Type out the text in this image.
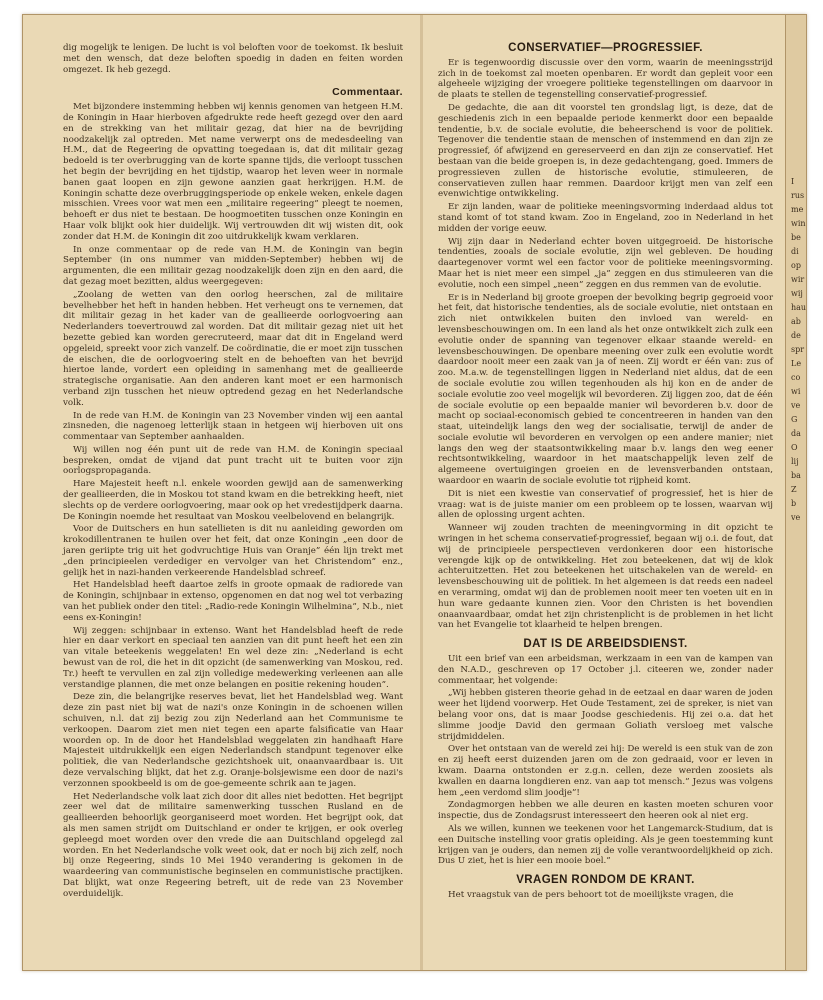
dig mogelijk te lenigen. De lucht is vol beloften voor de toekomst. Ik besluit met den wensch, dat deze beloften spoedig in daden en feiten worden omgezet. Ik heb gezegd.

Commentaar.

Met bijzondere instemming hebben wij kennis genomen van hetgeen H.M. de Koningin in Haar hierboven afgedrukte rede heeft gezegd over den aard en de strekking van het militair gezag, dat hier na de bevrijding noodzakelijk zal optreden. Met name verwerpt ons de medesdeeling van H.M., dat de Regeering de opvatting toegedaan is, dat dit militair gezag bedoeld is ter overbrugging van de korte spanne tijds, die verloopt tusschen het begin der bevrijding en het tijdstip, waarop het leven weer in normale banen gaat loopen en zijn gewone aanzien gaat herkrijgen. H.M. de Koningin schatte deze overbruggingsperiode op enkele weken, enkele dagen misschien. Vrees voor wat men een „militaire regeering” pleegt te noemen, behoeft er dus niet te bestaan. De hoogmoetiten tusschen onze Koningin en Haar volk blijkt ook hier duidelijk. Wij vertrouwden dit wij wisten dit, ook zonder dat H.M. de Koningin dit zoo uitdrukkelijk kwam verklaren.

In onze commentaar op de rede van H.M. de Koningin van begin September (in ons nummer van midden-September) hebben wij de argumenten, die een militair gezag noodzakelijk doen zijn en den aard, die dat gezag moet bezitten, aldus weergegeven:

„Zoolang de wetten van den oorlog heerschen, zal de militaire bevelhebber het heft in handen hebben. Het verheugt ons te vernemen, dat dit militair gezag in het kader van de geallieerde oorlogvoering aan Nederlanders toevertrouwd zal worden. Dat dit militair gezag niet uit het bezette gebied kan worden gerecruteerd, maar dat dit in Engeland werd opgeleid, spreekt voor zich vanzelf. De coördinatie, die er moet zijn tusschen de eischen, die de oorlogvoering stelt en de behoeften van het bevrijd hiertoe lande, vordert een opleiding in samenhang met de geallieerde strategische organisatie. Aan den anderen kant moet er een harmonisch verband zijn tusschen het nieuw optredend gezag en het Nederlandsche volk.

In de rede van H.M. de Koningin van 23 November vinden wij een aantal zinsneden, die nagenoeg letterlijk staan in hetgeen wij hierboven uit ons commentaar van September aanhaalden.

Wij willen nog één punt uit de rede van H.M. de Koningin speciaal bespreken, omdat de vijand dat punt tracht uit te buiten voor zijn oorlogspropaganda.

Hare Majesteit heeft n.l. enkele woorden gewijd aan de samenwerking der geallieerden, die in Moskou tot stand kwam en die betrekking heeft, niet slechts op de verdere oorlogvoering, maar ook op het vredestijdperk daarna. De Koningin noemde het resultaat van Moskou veelbelovend en belangrijk.

Voor de Duitschers en hun satellieten is dit nu aanleiding geworden om krokodillentranen te huilen over het feit, dat onze Koningin „een door de jaren geriipte trig uit het godvruchtige Huis van Oranje” één lijn trekt met „den principieelen verdediger en vervolger van het Christendom” enz., gelijk het in nazi-handen verkeerende Handelsblad schreef.

Het Handelsblad heeft daartoe zelfs in groote opmaak de radiorede van de Koningin, schijnbaar in extenso, opgenomen en dat nog wel tot verbazing van het publiek onder den titel: „Radio-rede Koningin Wilhelmina”, N.b., niet eens ex-Koningin!

Wij zeggen: schijnbaar in extenso. Want het Handelsblad heeft de rede hier en daar verkort en speciaal ten aanzien van dit punt heeft het een zin van vitale beteekenis weggelaten! En wel deze zin: „Nederland is echt bewust van de rol, die het in dit opzicht (de samenwerking van Moskou, red. Tr.) heeft te vervullen en zal zijn volledige medewerking verleenen aan alle verstandige plannen, die met onze belangen en positie rekening houden”.

Deze zin, die belangrijke reserves bevat, liet het Handelsblad weg. Want deze zin past niet bij wat de nazi's onze Koningin in de schoenen willen schuiven, n.l. dat zij bezig zou zijn Nederland aan het Communisme te verkoopen. Daarom ziet men niet tegen een aparte falsificatie van Haar woorden op. In de door het Handelsblad weggelaten zin handhaaft Hare Majesteit uitdrukkelijk een eigen Nederlandsch standpunt tegenover elke politiek, die van Nederlandsche gezichtshoek uit, onaanvaardbaar is. Uit deze vervalsching blijkt, dat het z.g. Oranje-bolsjewisme een door de nazi's verzonnen spookbeeld is om de goe-gemeente schrik aan te jagen.

Het Nederlandsche volk laat zich door dit alles niet bedotten. Het begrijpt zeer wel dat de militaire samenwerking tusschen Rusland en de geallieerden behoorlijk georganiseerd moet worden. Het begrijpt ook, dat als men samen strijdt om Duitschland er onder te krijgen, er ook overleg gepleegd moet worden over den vrede die aan Duitschland opgelegd zal worden. En het Nederlandsche volk weet ook, dat er noch bij zich zelf, noch bij onze Regeering, sinds 10 Mei 1940 verandering is gekomen in de waardeering van communistische beginselen en communistische practijken. Dat blijkt, wat onze Regeering betreft, uit de rede van 23 November overduidelijk.

CONSERVATIEF—PROGRESSIEF.

Er is tegenwoordig discussie over den vorm, waarin de meeningsstrijd zich in de toekomst zal moeten openbaren. Er wordt dan gepleit voor een algeheele wijziging der vroegere politieke tegenstellingen om daarvoor in de plaats te stellen de tegenstelling conservatief-progressief.

De gedachte, die aan dit voorstel ten grondslag ligt, is deze, dat de geschiedenis zich in een bepaalde periode kenmerkt door een bepaalde tendentie, b.v. de sociale evolutie, die beheerschend is voor de politiek. Tegenover die tendentie staan de menschen of instemmend en dan zijn ze progressief, óf afwijzend en gereserveerd en dan zijn ze conservatief. Het bestaan van die beide groepen is, in deze gedachtengang, goed. Immers de progressieven zullen de historische evolutie, stimuleeren, de conservatieven zullen haar remmen. Daardoor krijgt men van zelf een evenwichtige ontwikkeling.

Er zijn landen, waar de politieke meeningsvorming inderdaad aldus tot stand komt of tot stand kwam. Zoo in Engeland, zoo in Nederland in het midden der vorige eeuw.

Wij zijn daar in Nederland echter boven uitgegroeid. De historische tendenties, zooals de sociale evolutie, zijn wel gebleven. De houding daartegenover vormt wel een factor voor de politieke meeningsvorming. Maar het is niet meer een simpel „ja” zeggen en dus stimuleeren van die evolutie, noch een simpel „neen” zeggen en dus remmen van de evolutie.

Er is in Nederland bij groote groepen der bevolking begrip gegroeid voor het feit, dat historische tendenties, als de sociale evolutie, niet ontstaan en zich niet ontwikkelen buiten den invloed van wereld- en levensbeschouwingen om. In een land als het onze ontwikkelt zich zulk een evolutie onder de spanning van tegenover elkaar staande wereld- en levensbeschouwingen. De openbare meening over zulk een evolutie wordt daardoor nooit meer een zaak van ja of neen. Zij wordt er één van: zus of zoo. M.a.w. de tegenstellingen liggen in Nederland niet aldus, dat de een de sociale evolutie zou willen tegenhouden als hij kon en de ander de sociale evolutie zoo veel mogelijk wil bevorderen. Zij liggen zoo, dat de één de sociale evolutie op een bepaalde manier wil bevorderen b.v. door de macht op sociaal-economisch gebied te concentreeren in handen van den staat, uiteindelijk langs den weg der socialisatie, terwijl de ander de sociale evolutie wil bevorderen en vervolgen op een andere manier; niet langs den weg der staatsontwikkeling maar b.v. langs den weg eener rechtsontwikkeling, waardoor in het maatschappelijk leven zelf de algemeene overtuigingen groeien en de levensverbanden ontstaan, waardoor en waarin de sociale evolutie tot rijpheid komt.

Dit is niet een kwestie van conservatief of progressief, het is hier de vraag: wat is de juiste manier om een probleem op te lossen, waarvan wij allen de oplossing urgent achten.

Wanneer wij zouden trachten de meeningvorming in dit opzicht te wringen in het schema conservatief-progressief, begaan wij o.i. de fout, dat wij de principieele perspectieven verdonkeren door een historische verengde kijk op de ontwikkeling. Het zou beteekenen, dat wij de klok achteruitzetten. Het zou beteekenen het uitschakelen van de wereld- en levensbeschouwing uit de politiek. In het algemeen is dat reeds een nadeel en verarming, omdat wij dan de problemen nooit meer ten voeten uit en in hun ware gedaante kunnen zien. Voor den Christen is het bovendien onaanvaardbaar, omdat het zijn christenplicht is de problemen in het licht van het Evangelie tot klaarheid te helpen brengen.

DAT IS DE ARBEIDSDIENST.

Uit een brief van een arbeidsman, werkzaam in een van de kampen van den N.A.D., geschreven op 17 October j.l. citeeren we, zonder nader commentaar, het volgende:

„Wij hebben gisteren theorie gehad in de eetzaal en daar waren de joden weer het lijdend voorwerp. Het Oude Testament, zei de spreker, is niet van belang voor ons, dat is maar Joodse geschiedenis. Hij zei o.a. dat het slimme joodje David den germaan Goliath versloeg met valsche strijdmiddelen.

Over het ontstaan van de wereld zei hij: De wereld is een stuk van de zon en zij heeft eerst duizenden jaren om de zon gedraaid, voor er leven in kwam. Daarna ontstonden er z.g.n. cellen, deze werden zoosiets als kwallen en daarna longdieren enz. van aap tot mensch.” Jezus was volgens hem „een verdomd slim joodje”!

Zondagmorgen hebben we alle deuren en kasten moeten schuren voor inspectie, dus de Zondagsrust interesseert den heeren ook al niet erg.

Als we willen, kunnen we teekenen voor het Langemarck-Studium, dat is een Duitsche instelling voor gratis opleiding. Als je geen toestemming kunt krijgen van je ouders, dan nemen zij de volle verantwoordelijkheid op zich. Dus U ziet, het is hier een mooie boel.”

VRAGEN RONDOM DE KRANT.

Het vraagstuk van de pers behoort tot de moeilijkste vragen, die

I
rus
me
win
be
di
op
wir
wij
hau
ab
de
spr
Le
co
wi
ve
G
da
O
lij
ba
Z
b
ve
